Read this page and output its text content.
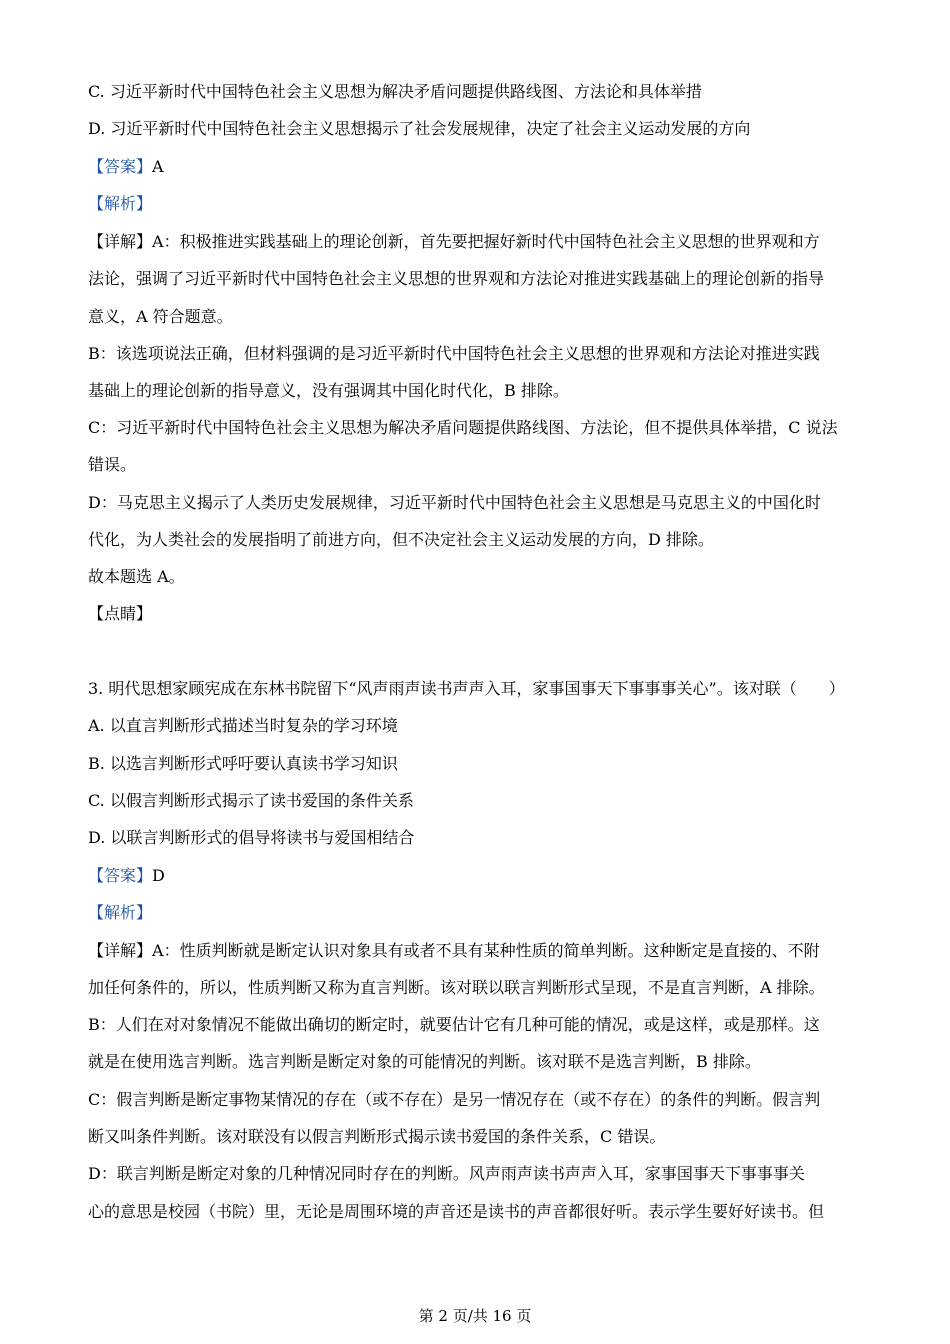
C. 习近平新时代中国特色社会主义思想为解决矛盾问题提供路线图、方法论和具体举措
D. 习近平新时代中国特色社会主义思想揭示了社会发展规律，决定了社会主义运动发展的方向
【答案】A
【解析】
【详解】A：积极推进实践基础上的理论创新，首先要把握好新时代中国特色社会主义思想的世界观和方
法论，强调了习近平新时代中国特色社会主义思想的世界观和方法论对推进实践基础上的理论创新的指导
意义，A 符合题意。
B：该选项说法正确，但材料强调的是习近平新时代中国特色社会主义思想的世界观和方法论对推进实践
基础上的理论创新的指导意义，没有强调其中国化时代化，B 排除。
C：习近平新时代中国特色社会主义思想为解决矛盾问题提供路线图、方法论，但不提供具体举措，C 说法
错误。
D：马克思主义揭示了人类历史发展规律，习近平新时代中国特色社会主义思想是马克思主义的中国化时
代化，为人类社会的发展指明了前进方向，但不决定社会主义运动发展的方向，D 排除。
故本题选 A。
【点睛】
3. 明代思想家顾宪成在东林书院留下“风声雨声读书声声入耳，家事国事天下事事事关心”。该对联（　　）
A. 以直言判断形式描述当时复杂的学习环境
B. 以选言判断形式呼吁要认真读书学习知识
C. 以假言判断形式揭示了读书爱国的条件关系
D. 以联言判断形式的倡导将读书与爱国相结合
【答案】D
【解析】
【详解】A：性质判断就是断定认识对象具有或者不具有某种性质的简单判断。这种断定是直接的、不附
加任何条件的，所以，性质判断又称为直言判断。该对联以联言判断形式呈现，不是直言判断，A 排除。
B：人们在对对象情况不能做出确切的断定时，就要估计它有几种可能的情况，或是这样，或是那样。这
就是在使用选言判断。选言判断是断定对象的可能情况的判断。该对联不是选言判断，B 排除。
C：假言判断是断定事物某情况的存在（或不存在）是另一情况存在（或不存在）的条件的判断。假言判
断又叫条件判断。该对联没有以假言判断形式揭示读书爱国的条件关系，C 错误。
D：联言判断是断定对象的几种情况同时存在的判断。风声雨声读书声声入耳，家事国事天下事事事关
心的意思是校园（书院）里，无论是周围环境的声音还是读书的声音都很好听。表示学生要好好读书。但
第 2 页/共 16 页
